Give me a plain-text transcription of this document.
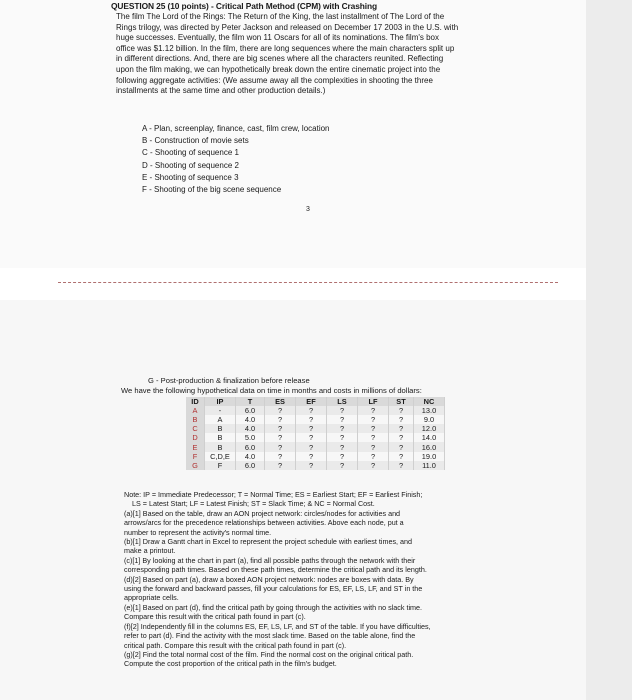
QUESTION 25 (10 points) - Critical Path Method (CPM) with Crashing
The film The Lord of the Rings: The Return of the King, the last installment of The Lord of the
Rings trilogy, was directed by Peter Jackson and released on December 17 2003 in the U.S. with
huge successes. Eventually, the film won 11 Oscars for all of its nominations. The film's box
office was $1.12 billion. In the film, there are long sequences where the main characters split up
in different directions. And, there are big scenes where all the characters reunited. Reflecting
upon the film making, we can hypothetically break down the entire cinematic project into the
following aggregate activities: (We assume away all the complexities in shooting the three
installments at the same time and other production details.)
A - Plan, screenplay, finance, cast, film crew, location
B - Construction of movie sets
C - Shooting of sequence 1
D - Shooting of sequence 2
E - Shooting of sequence 3
F - Shooting of the big scene sequence
3
G - Post-production & finalization before release
We have the following hypothetical data on time in months and costs in millions of dollars:
ID	IP	T	ES	EF	LS	LF	ST	NC
A	-	6.0	?	?	?	?	?	13.0
B	A	4.0	?	?	?	?	?	9.0
C	B	4.0	?	?	?	?	?	12.0
D	B	5.0	?	?	?	?	?	14.0
E	B	6.0	?	?	?	?	?	16.0
F	C,D,E	4.0	?	?	?	?	?	19.0
G	F	6.0	?	?	?	?	?	11.0

Note: IP = Immediate Predecessor; T = Normal Time; ES = Earliest Start; EF = Earliest Finish;

LS = Latest Start; LF = Latest Finish; ST = Slack Time; & NC = Normal Cost.

(a)[1] Based on the table, draw an AON project network: circles/nodes for activities and

arrows/arcs for the precedence relationships between activities. Above each node, put a

number to represent the activity's normal time.

(b)[1] Draw a Gantt chart in Excel to represent the project schedule with earliest times, and

make a printout.

(c)[1] By looking at the chart in part (a), find all possible paths through the network with their

corresponding path times. Based on these path times, determine the critical path and its length.

(d)[2] Based on part (a), draw a boxed AON project network: nodes are boxes with data. By

using the forward and backward passes, fill your calculations for ES, EF, LS, LF, and ST in the

appropriate cells.

(e)[1] Based on part (d), find the critical path by going through the activities with no slack time.

Compare this result with the critical path found in part (c).

(f)[2] Independently fill in the columns ES, EF, LS, LF, and ST of the table. If you have difficulties,

refer to part (d). Find the activity with the most slack time. Based on the table alone, find the

critical path. Compare this result with the critical path found in part (c).

(g)[2] Find the total normal cost of the film. Find the normal cost on the original critical path.

Compute the cost proportion of the critical path in the film's budget.
